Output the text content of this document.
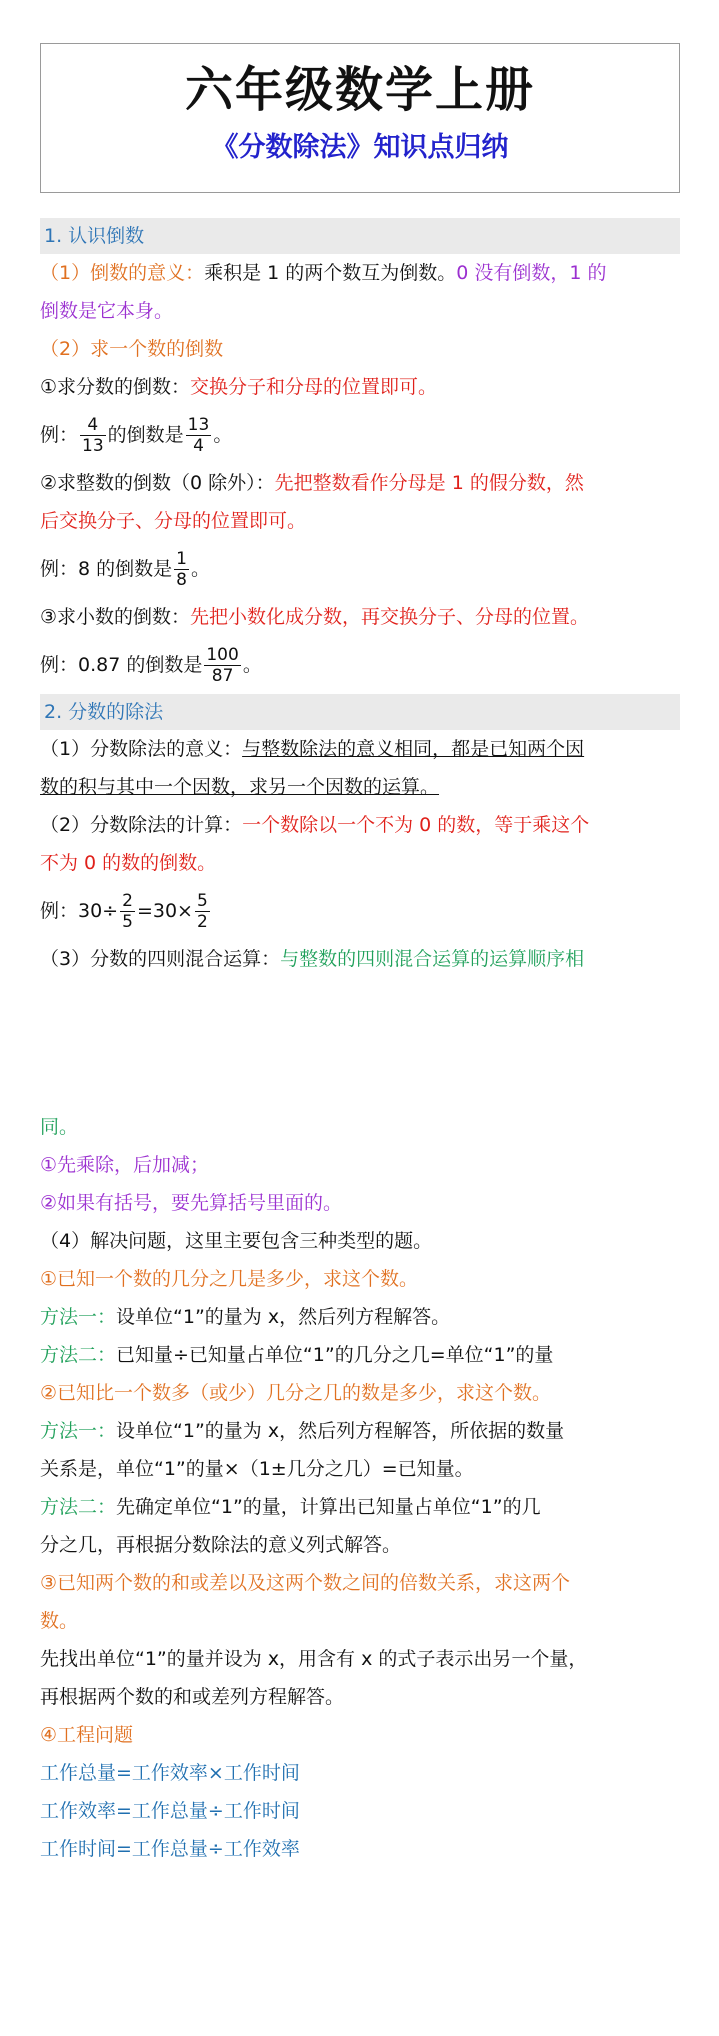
六年级数学上册
《分数除法》知识点归纳
1. 认识倒数

（1）倒数的意义：乘积是 1 的两个数互为倒数。0 没有倒数，1 的

倒数是它本身。

（2）求一个数的倒数

①求分数的倒数：交换分子和分母的位置即可。

例： $\frac{4}{13}$ 的倒数是 $\frac{13}{4}$ 。

②求整数的倒数（0 除外）：先把整数看作分母是 1 的假分数，然

后交换分子、分母的位置即可。

例：8 的倒数是 $\frac{1}{8}$ 。

③求小数的倒数：先把小数化成分数，再交换分子、分母的位置。

例：0.87 的倒数是 $\frac{100}{87}$ 。

2. 分数的除法

（1）分数除法的意义：与整数除法的意义相同，都是已知两个因

数的积与其中一个因数，求另一个因数的运算。

（2）分数除法的计算：一个数除以一个不为 0 的数，等于乘这个

不为 0 的数的倒数。

例：$30\div \frac{2}{5} =30\times \frac{5}{2}$

（3）分数的四则混合运算：与整数的四则混合运算的运算顺序相

同。

①先乘除，后加减；

②如果有括号，要先算括号里面的。

（4）解决问题，这里主要包含三种类型的题。

①已知一个数的几分之几是多少，求这个数。

方法一：设单位“1”的量为 x，然后列方程解答。

方法二：已知量÷已知量占单位“1”的几分之几=单位“1”的量

②已知比一个数多（或少）几分之几的数是多少，求这个数。

方法一：设单位“1”的量为 x，然后列方程解答，所依据的数量

关系是，单位“1”的量×（1±几分之几）=已知量。

方法二：先确定单位“1”的量，计算出已知量占单位“1”的几

分之几，再根据分数除法的意义列式解答。

③已知两个数的和或差以及这两个数之间的倍数关系，求这两个

数。

先找出单位“1”的量并设为 x，用含有 x 的式子表示出另一个量，

再根据两个数的和或差列方程解答。

④工程问题

工作总量=工作效率×工作时间

工作效率=工作总量÷工作时间

工作时间=工作总量÷工作效率
